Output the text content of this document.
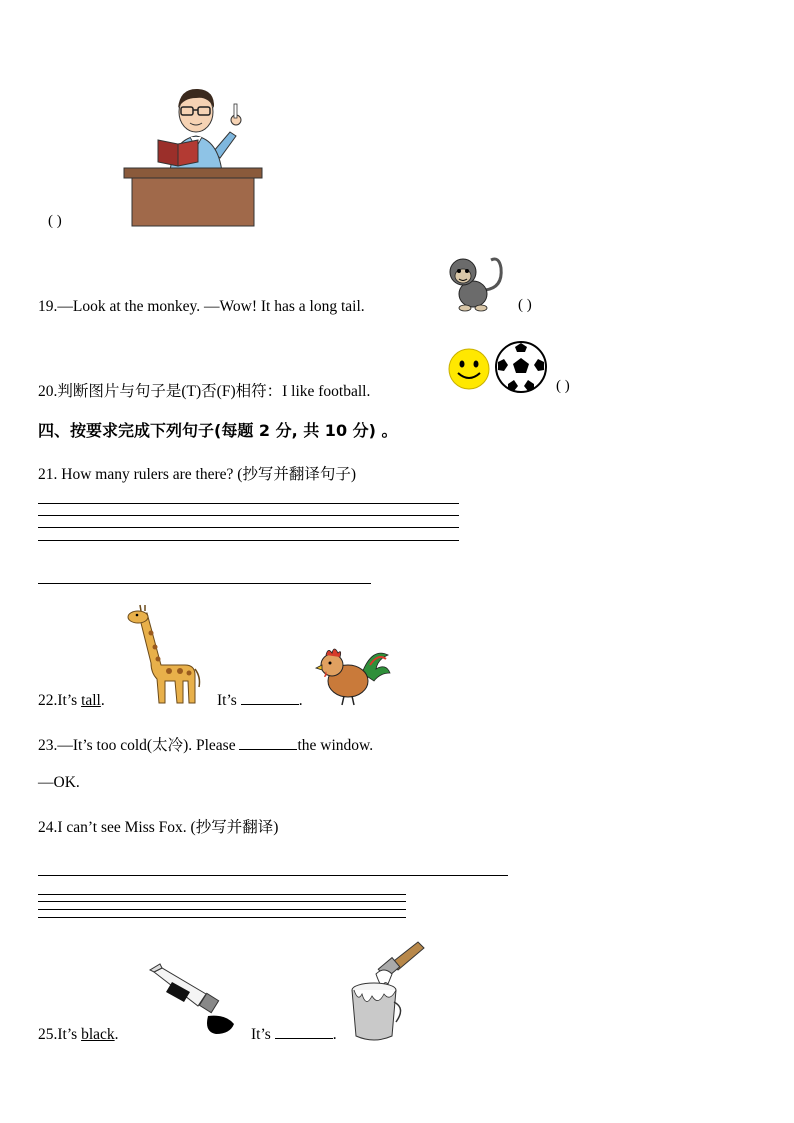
( )
19.—Look at the monkey. —Wow! It has a long tail.	( )
20.判断图片与句子是(T)否(F)相符：I like football.	( )
四、按要求完成下列句子(每题 2 分, 共 10 分) 。
21. How many rulers are there? (抄写并翻译句子)
22.It’s tall.	It’s	.
23.—It’s too cold(太冷). Please	the window.
—OK.
24.I can’t see Miss Fox. (抄写并翻译)
25.It’s black.	It’s	.
